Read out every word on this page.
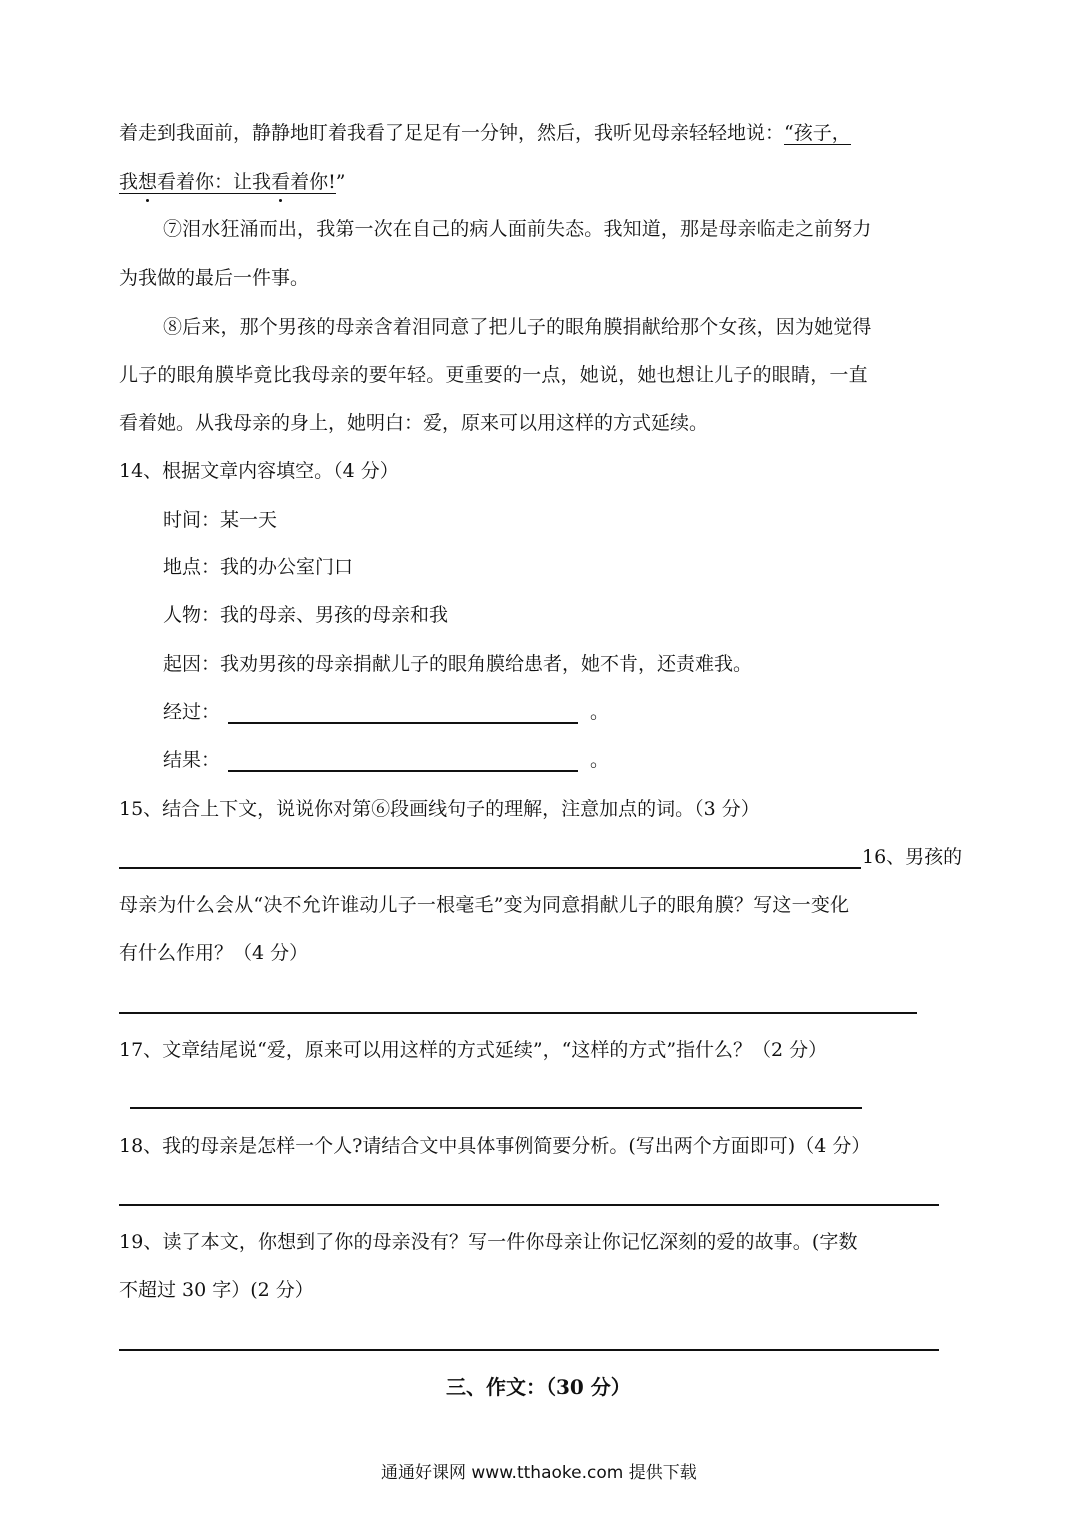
着走到我面前，静静地盯着我看了足足有一分钟，然后，我听见母亲轻轻地说：“孩子，
我想看着你：让我看着你!”
⑦泪水狂涌而出，我第一次在自己的病人面前失态。我知道，那是母亲临走之前努力
为我做的最后一件事。
⑧后来，那个男孩的母亲含着泪同意了把儿子的眼角膜捐献给那个女孩，因为她觉得
儿子的眼角膜毕竟比我母亲的要年轻。更重要的一点，她说，她也想让儿子的眼睛，一直
看着她。从我母亲的身上，她明白：爱，原来可以用这样的方式延续。
14、根据文章内容填空。（4 分）
时间：某一天
地点：我的办公室门口
人物：我的母亲、男孩的母亲和我
起因：我劝男孩的母亲捐献儿子的眼角膜给患者，她不肯，还责难我。
经过：	。
结果：	。
15、结合上下文，说说你对第⑥段画线句子的理解，注意加点的词。（3 分）
16、男孩的
母亲为什么会从“决不允许谁动儿子一根毫毛”变为同意捐献儿子的眼角膜？写这一变化
有什么作用？（4 分）
17、文章结尾说“爱，原来可以用这样的方式延续”，“这样的方式”指什么？（2 分）
18、我的母亲是怎样一个人?请结合文中具体事例简要分析。(写出两个方面即可)（4 分）
19、读了本文，你想到了你的母亲没有？写一件你母亲让你记忆深刻的爱的故事。(字数
不超过 30 字）(2 分）
三、作文：（30 分）
通通好课网 www.tthaoke.com 提供下载
